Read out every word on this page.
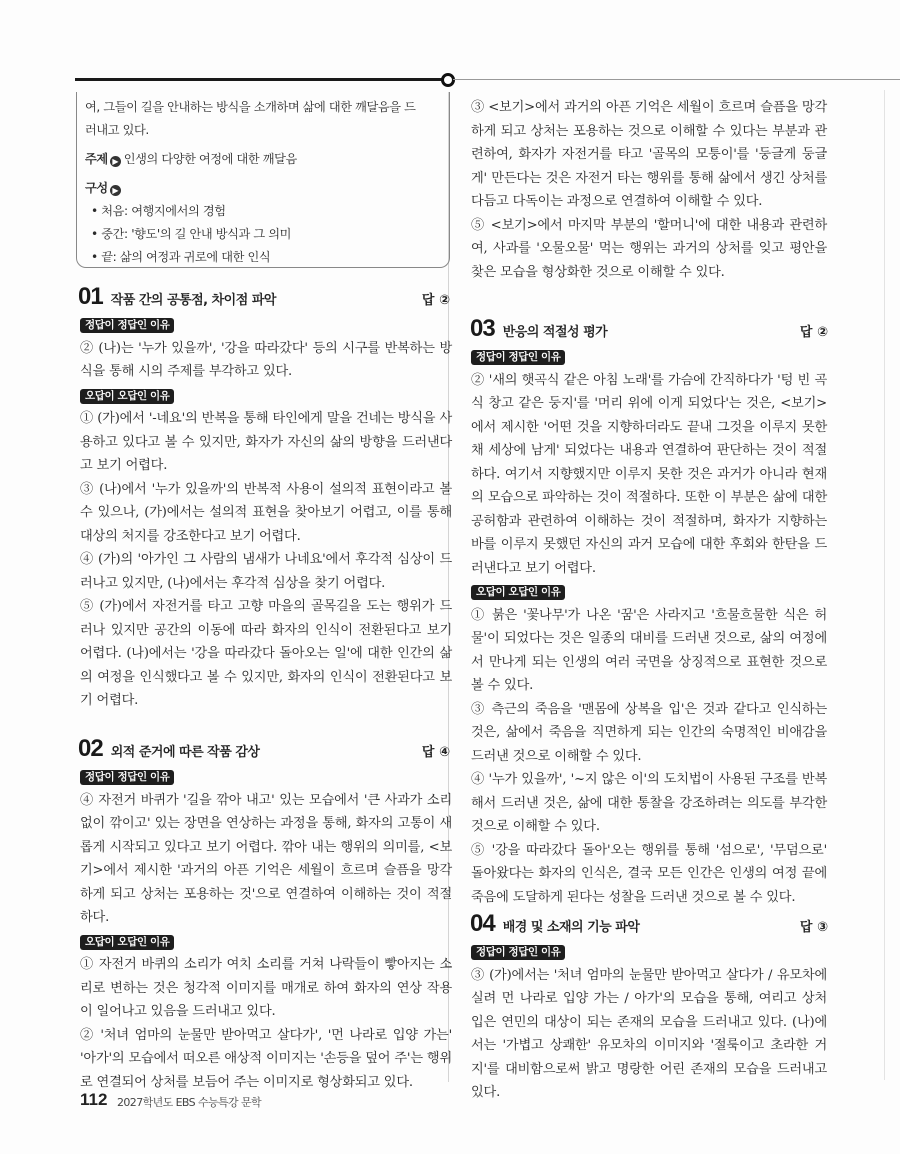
여, 그들이 길을 안내하는 방식을 소개하며 삶에 대한 깨달음을 드
러내고 있다.
주제 ▶ 인생의 다양한 여정에 대한 깨달음
구성 ▶
• 처음: 여행지에서의 경험
• 중간: '향도'의 길 안내 방식과 그 의미
• 끝: 삶의 여정과 귀로에 대한 인식
01 작품 간의 공통점, 차이점 파악	답 ②
정답이 정답인 이유
② (나)는 '누가 있을까', '강을 따라갔다' 등의 시구를 반복하는 방식을 통해 시의 주제를 부각하고 있다.
오답이 오답인 이유
① (가)에서 '-네요'의 반복을 통해 타인에게 말을 건네는 방식을 사용하고 있다고 볼 수 있지만, 화자가 자신의 삶의 방향을 드러낸다고 보기 어렵다.
③ (나)에서 '누가 있을까'의 반복적 사용이 설의적 표현이라고 볼 수 있으나, (가)에서는 설의적 표현을 찾아보기 어렵고, 이를 통해 대상의 처지를 강조한다고 보기 어렵다.
④ (가)의 '아가인 그 사람의 냄새가 나네요'에서 후각적 심상이 드러나고 있지만, (나)에서는 후각적 심상을 찾기 어렵다.
⑤ (가)에서 자전거를 타고 고향 마을의 골목길을 도는 행위가 드러나 있지만 공간의 이동에 따라 화자의 인식이 전환된다고 보기 어렵다. (나)에서는 '강을 따라갔다 돌아오는 일'에 대한 인간의 삶의 여정을 인식했다고 볼 수 있지만, 화자의 인식이 전환된다고 보기 어렵다.
02 외적 준거에 따른 작품 감상	답 ④
정답이 정답인 이유
④ 자전거 바퀴가 '길을 깎아 내고' 있는 모습에서 '큰 사과가 소리 없이 깎이고' 있는 장면을 연상하는 과정을 통해, 화자의 고통이 새롭게 시작되고 있다고 보기 어렵다. 깎아 내는 행위의 의미를, <보기>에서 제시한 '과거의 아픈 기억은 세월이 흐르며 슬픔을 망각하게 되고 상처는 포용하는 것'으로 연결하여 이해하는 것이 적절하다.
오답이 오답인 이유
① 자전거 바퀴의 소리가 여치 소리를 거쳐 나락들이 빻아지는 소리로 변하는 것은 청각적 이미지를 매개로 하여 화자의 연상 작용이 일어나고 있음을 드러내고 있다.
② '처녀 엄마의 눈물만 받아먹고 살다가', '먼 나라로 입양 가는' '아가'의 모습에서 떠오른 애상적 이미지는 '손등을 덮어 주'는 행위로 연결되어 상처를 보듬어 주는 이미지로 형상화되고 있다.
③ <보기>에서 과거의 아픈 기억은 세월이 흐르며 슬픔을 망각하게 되고 상처는 포용하는 것으로 이해할 수 있다는 부분과 관련하여, 화자가 자전거를 타고 '골목의 모퉁이'를 '둥글게 둥글게' 만든다는 것은 자전거 타는 행위를 통해 삶에서 생긴 상처를 다듬고 다독이는 과정으로 연결하여 이해할 수 있다.
⑤ <보기>에서 마지막 부분의 '할머니'에 대한 내용과 관련하여, 사과를 '오물오물' 먹는 행위는 과거의 상처를 잊고 평안을 찾은 모습을 형상화한 것으로 이해할 수 있다.
03 반응의 적절성 평가	답 ②
정답이 정답인 이유
② '새의 햇곡식 같은 아침 노래'를 가슴에 간직하다가 '텅 빈 곡식 창고 같은 둥지'를 '머리 위에 이게 되었다'는 것은, <보기>에서 제시한 '어떤 것을 지향하더라도 끝내 그것을 이루지 못한 채 세상에 남게' 되었다는 내용과 연결하여 판단하는 것이 적절하다. 여기서 지향했지만 이루지 못한 것은 과거가 아니라 현재의 모습으로 파악하는 것이 적절하다. 또한 이 부분은 삶에 대한 공허함과 관련하여 이해하는 것이 적절하며, 화자가 지향하는 바를 이루지 못했던 자신의 과거 모습에 대한 후회와 한탄을 드러낸다고 보기 어렵다.
오답이 오답인 이유
① 붉은 '꽃나무'가 나온 '꿈'은 사라지고 '흐물흐물한 식은 허물'이 되었다는 것은 일종의 대비를 드러낸 것으로, 삶의 여정에서 만나게 되는 인생의 여러 국면을 상징적으로 표현한 것으로 볼 수 있다.
③ 측근의 죽음을 '맨몸에 상복을 입'은 것과 같다고 인식하는 것은, 삶에서 죽음을 직면하게 되는 인간의 숙명적인 비애감을 드러낸 것으로 이해할 수 있다.
④ '누가 있을까', '~지 않은 이'의 도치법이 사용된 구조를 반복해서 드러낸 것은, 삶에 대한 통찰을 강조하려는 의도를 부각한 것으로 이해할 수 있다.
⑤ '강을 따라갔다 돌아'오는 행위를 통해 '섬으로', '무덤으로' 돌아왔다는 화자의 인식은, 결국 모든 인간은 인생의 여정 끝에 죽음에 도달하게 된다는 성찰을 드러낸 것으로 볼 수 있다.
04 배경 및 소재의 기능 파악	답 ③
정답이 정답인 이유
③ (가)에서는 '처녀 엄마의 눈물만 받아먹고 살다가 / 유모차에 실려 먼 나라로 입양 가는 / 아가'의 모습을 통해, 여리고 상처 입은 연민의 대상이 되는 존재의 모습을 드러내고 있다. (나)에서는 '가볍고 상쾌한' 유모차의 이미지와 '절룩이고 초라한 거지'를 대비함으로써 밝고 명랑한 어린 존재의 모습을 드러내고 있다.
112 2027학년도 EBS 수능특강 문학
